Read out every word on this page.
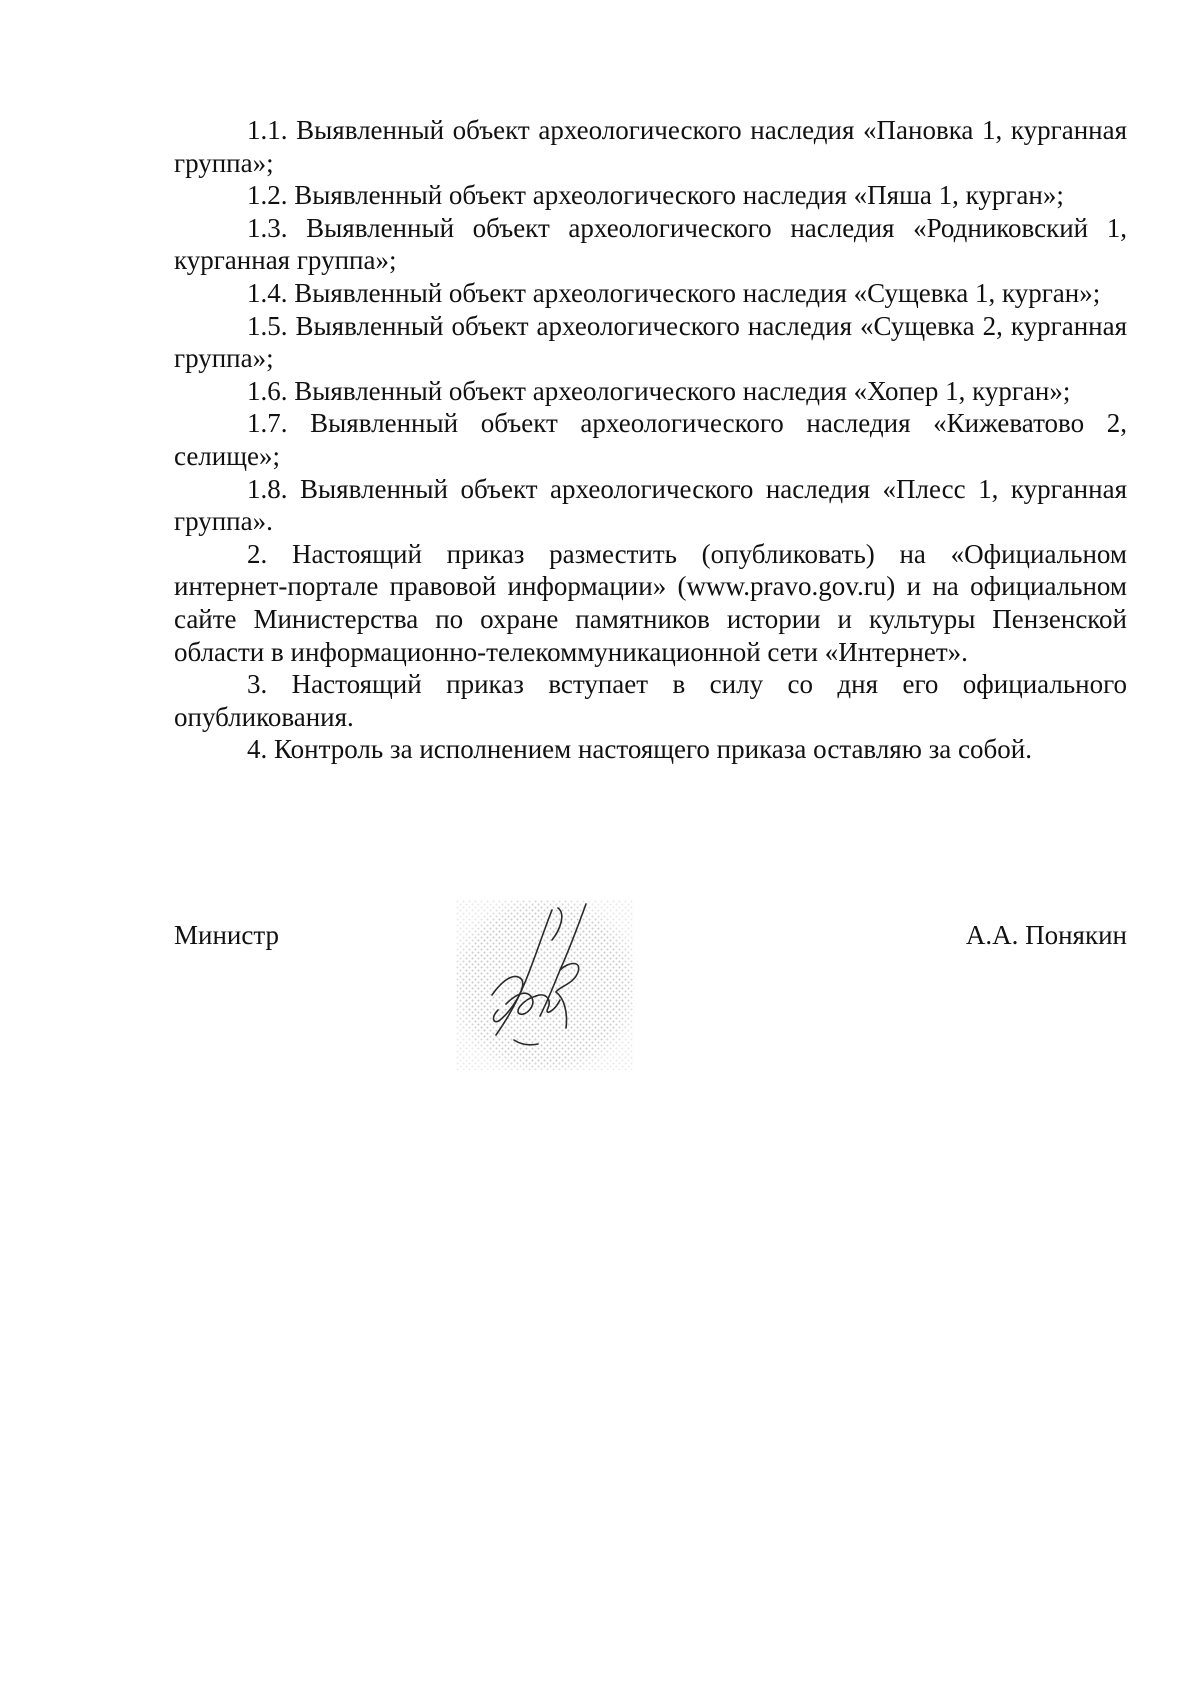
1.1. Выявленный объект археологического наследия «Пановка 1, курганная группа»;

1.2. Выявленный объект археологического наследия «Пяша 1, курган»;

1.3. Выявленный объект археологического наследия «Родниковский 1, курганная группа»;

1.4. Выявленный объект археологического наследия «Сущевка 1, курган»;

1.5. Выявленный объект археологического наследия «Сущевка 2, курганная группа»;

1.6. Выявленный объект археологического наследия «Хопер 1, курган»;

1.7. Выявленный объект археологического наследия «Кижеватово 2, селище»;

1.8. Выявленный объект археологического наследия «Плесс 1, курганная группа».

2. Настоящий приказ разместить (опубликовать) на «Официальном интернет-портале правовой информации» (www.pravo.gov.ru) и на официальном сайте Министерства по охране памятников истории и культуры Пензенской области в информационно-телекоммуникационной сети «Интернет».

3. Настоящий приказ вступает в силу со дня его официального опубликования.

4. Контроль за исполнением настоящего приказа оставляю за собой.

Министр	А.А. Понякин
